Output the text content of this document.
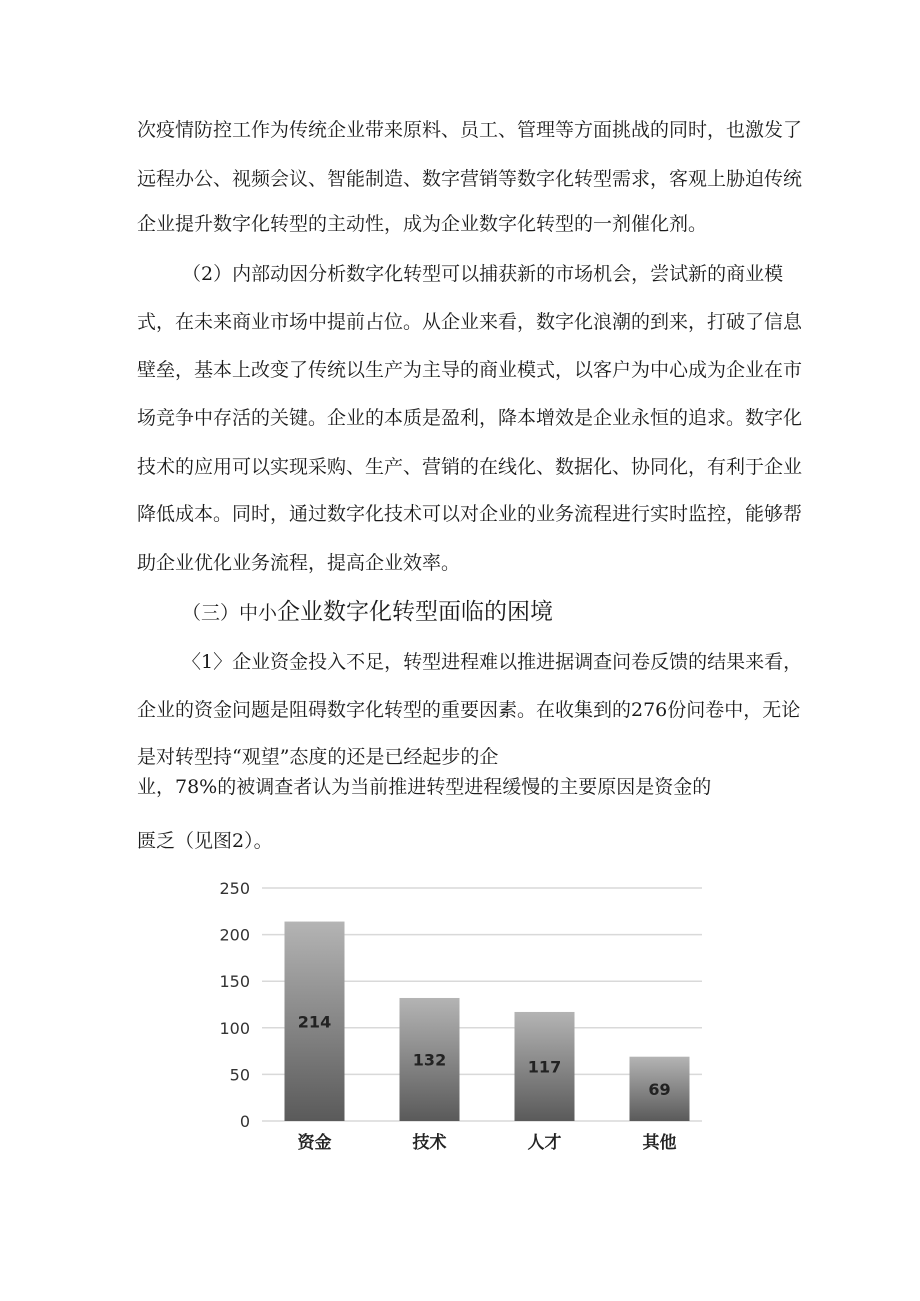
次疫情防控工作为传统企业带来原料、员工、管理等方面挑战的同时，也激发了
远程办公、视频会议、智能制造、数字营销等数字化转型需求，客观上胁迫传统
企业提升数字化转型的主动性，成为企业数字化转型的一剂催化剂。
（2）内部动因分析数字化转型可以捕获新的市场机会，尝试新的商业模
式，在未来商业市场中提前占位。从企业来看，数字化浪潮的到来，打破了信息
壁垒，基本上改变了传统以生产为主导的商业模式，以客户为中心成为企业在市
场竞争中存活的关键。企业的本质是盈利，降本增效是企业永恒的追求。数字化
技术的应用可以实现采购、生产、营销的在线化、数据化、协同化，有利于企业
降低成本。同时，通过数字化技术可以对企业的业务流程进行实时监控，能够帮
助企业优化业务流程，提高企业效率。
（三）中小企业数字化转型面临的困境
〈1〉企业资金投入不足，转型进程难以推进据调查问卷反馈的结果来看，
企业的资金问题是阻碍数字化转型的重要因素。在收集到的276份问卷中，无论
是对转型持“观望”态度的还是已经起步的企
业，78%的被调查者认为当前推进转型进程缓慢的主要原因是资金的
匮乏（见图2）。
0
50
100
150
200
250
214
132	117
69
资金	技术	人才	其他
